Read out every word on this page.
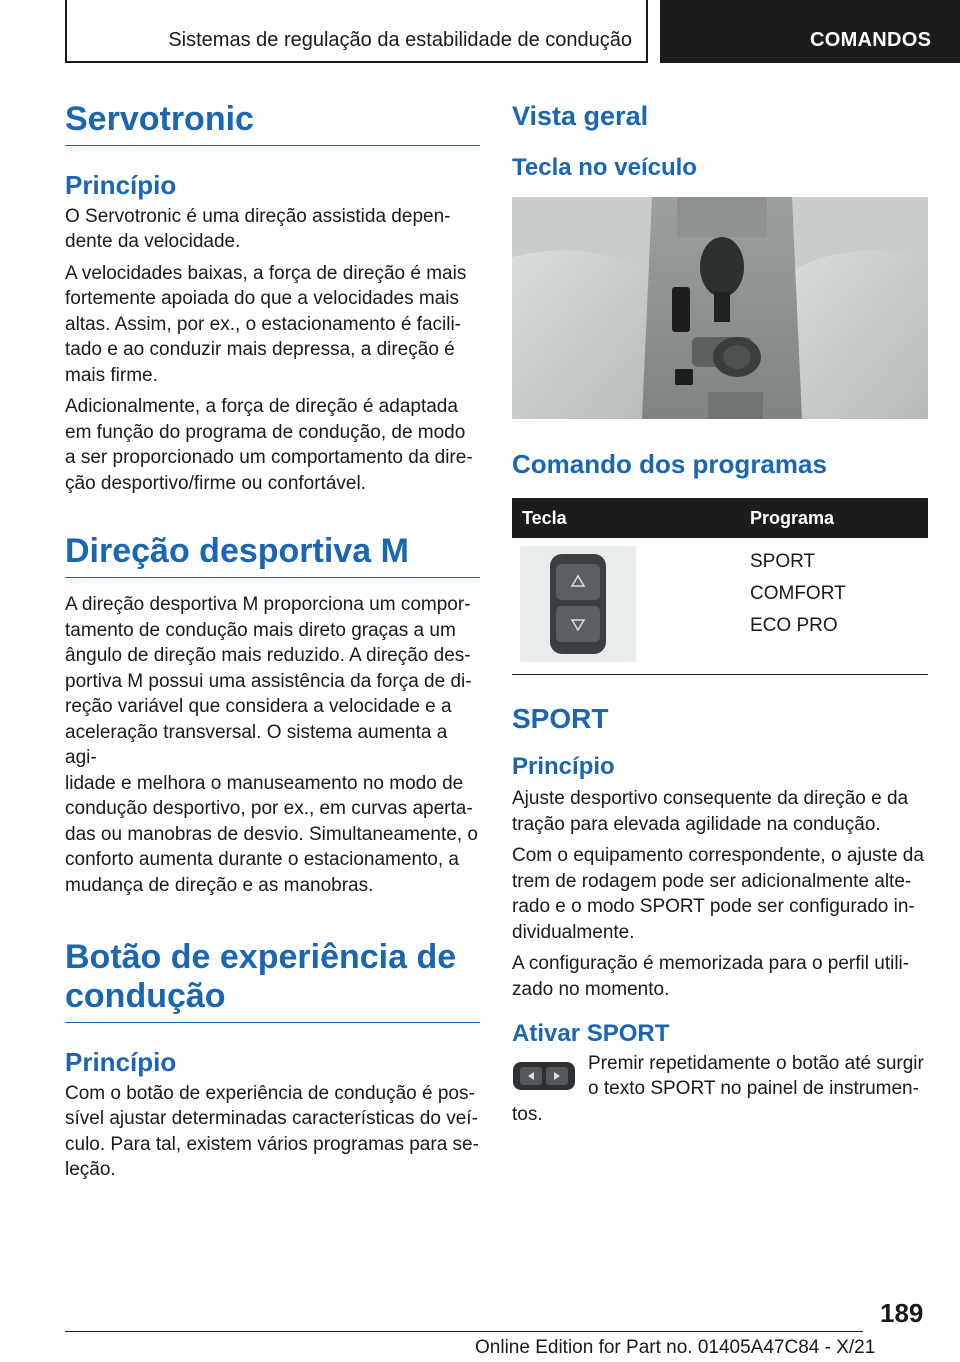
Sistemas de regulação da estabilidade de condução	COMANDOS
Servotronic
Princípio

O Servotronic é uma direção assistida depen-
dente da velocidade.

A velocidades baixas, a força de direção é mais
fortemente apoiada do que a velocidades mais
altas. Assim, por ex., o estacionamento é facili-
tado e ao conduzir mais depressa, a direção é
mais firme.

Adicionalmente, a força de direção é adaptada
em função do programa de condução, de modo
a ser proporcionado um comportamento da dire-
ção desportivo/firme ou confortável.

Direção desportiva M

A direção desportiva M proporciona um compor-
tamento de condução mais direto graças a um
ângulo de direção mais reduzido. A direção des-
portiva M possui uma assistência da força de di-
reção variável que considera a velocidade e a
aceleração transversal. O sistema aumenta a agi-
lidade e melhora o manuseamento no modo de
condução desportivo, por ex., em curvas aperta-
das ou manobras de desvio. Simultaneamente, o
conforto aumenta durante o estacionamento, a
mudança de direção e as manobras.

Botão de experiência de
condução
Princípio

Com o botão de experiência de condução é pos-
sível ajustar determinadas características do veí-
culo. Para tal, existem vários programas para se-
leção.

Vista geral
Tecla no veículo
Comando dos programas
Tecla	Programa

SPORT
COMFORT
ECO PRO
SPORT
Princípio

Ajuste desportivo consequente da direção e da
tração para elevada agilidade na condução.

Com o equipamento correspondente, o ajuste da
trem de rodagem pode ser adicionalmente alte-
rado e o modo SPORT pode ser configurado in-
dividualmente.

A configuração é memorizada para o perfil utili-
zado no momento.

Ativar SPORT

Premir repetidamente o botão até surgir
o texto SPORT no painel de instrumen-
tos.

189
Online Edition for Part no. 01405A47C84 - X/21
